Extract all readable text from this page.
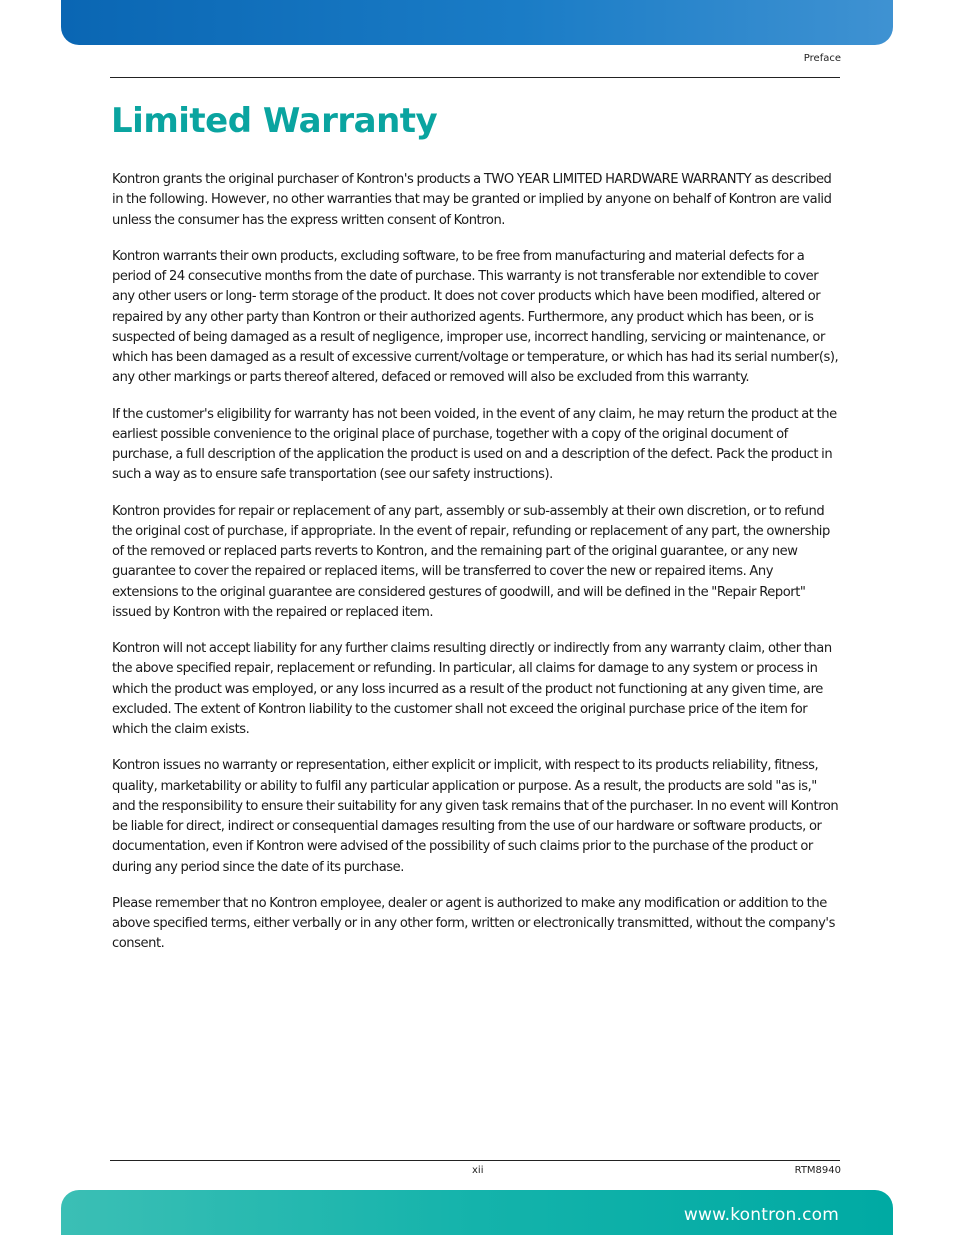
Preface
Limited Warranty

Kontron grants the original purchaser of Kontron's products a TWO YEAR LIMITED HARDWARE WARRANTY as described in the following. However, no other warranties that may be granted or implied by anyone on behalf of Kontron are valid unless the consumer has the express written consent of Kontron.

Kontron warrants their own products, excluding software, to be free from manufacturing and material defects for a period of 24 consecutive months from the date of purchase. This warranty is not transferable nor extendible to cover any other users or long- term storage of the product. It does not cover products which have been modified, altered or repaired by any other party than Kontron or their authorized agents. Furthermore, any product which has been, or is suspected of being damaged as a result of negligence, improper use, incorrect handling, servicing or maintenance, or which has been damaged as a result of excessive current/voltage or temperature, or which has had its serial number(s), any other markings or parts thereof altered, defaced or removed will also be excluded from this warranty.

If the customer's eligibility for warranty has not been voided, in the event of any claim, he may return the product at the earliest possible convenience to the original place of purchase, together with a copy of the original document of purchase, a full description of the application the product is used on and a description of the defect. Pack the product in such a way as to ensure safe transportation (see our safety instructions).

Kontron provides for repair or replacement of any part, assembly or sub-assembly at their own discretion, or to refund the original cost of purchase, if appropriate. In the event of repair, refunding or replacement of any part, the ownership of the removed or replaced parts reverts to Kontron, and the remaining part of the original guarantee, or any new guarantee to cover the repaired or replaced items, will be transferred to cover the new or repaired items. Any extensions to the original guarantee are considered gestures of goodwill, and will be defined in the "Repair Report" issued by Kontron with the repaired or replaced item.

Kontron will not accept liability for any further claims resulting directly or indirectly from any warranty claim, other than the above specified repair, replacement or refunding. In particular, all claims for damage to any system or process in which the product was employed, or any loss incurred as a result of the product not functioning at any given time, are excluded. The extent of Kontron liability to the customer shall not exceed the original purchase price of the item for which the claim exists.

Kontron issues no warranty or representation, either explicit or implicit, with respect to its products reliability, fitness, quality, marketability or ability to fulfil any particular application or purpose. As a result, the products are sold "as is," and the responsibility to ensure their suitability for any given task remains that of the purchaser. In no event will Kontron be liable for direct, indirect or consequential damages resulting from the use of our hardware or software products, or documentation, even if Kontron were advised of the possibility of such claims prior to the purchase of the product or during any period since the date of its purchase.

Please remember that no Kontron employee, dealer or agent is authorized to make any modification or addition to the above specified terms, either verbally or in any other form, written or electronically transmitted, without the company's consent.

xii	RTM8940
www.kontron.com
